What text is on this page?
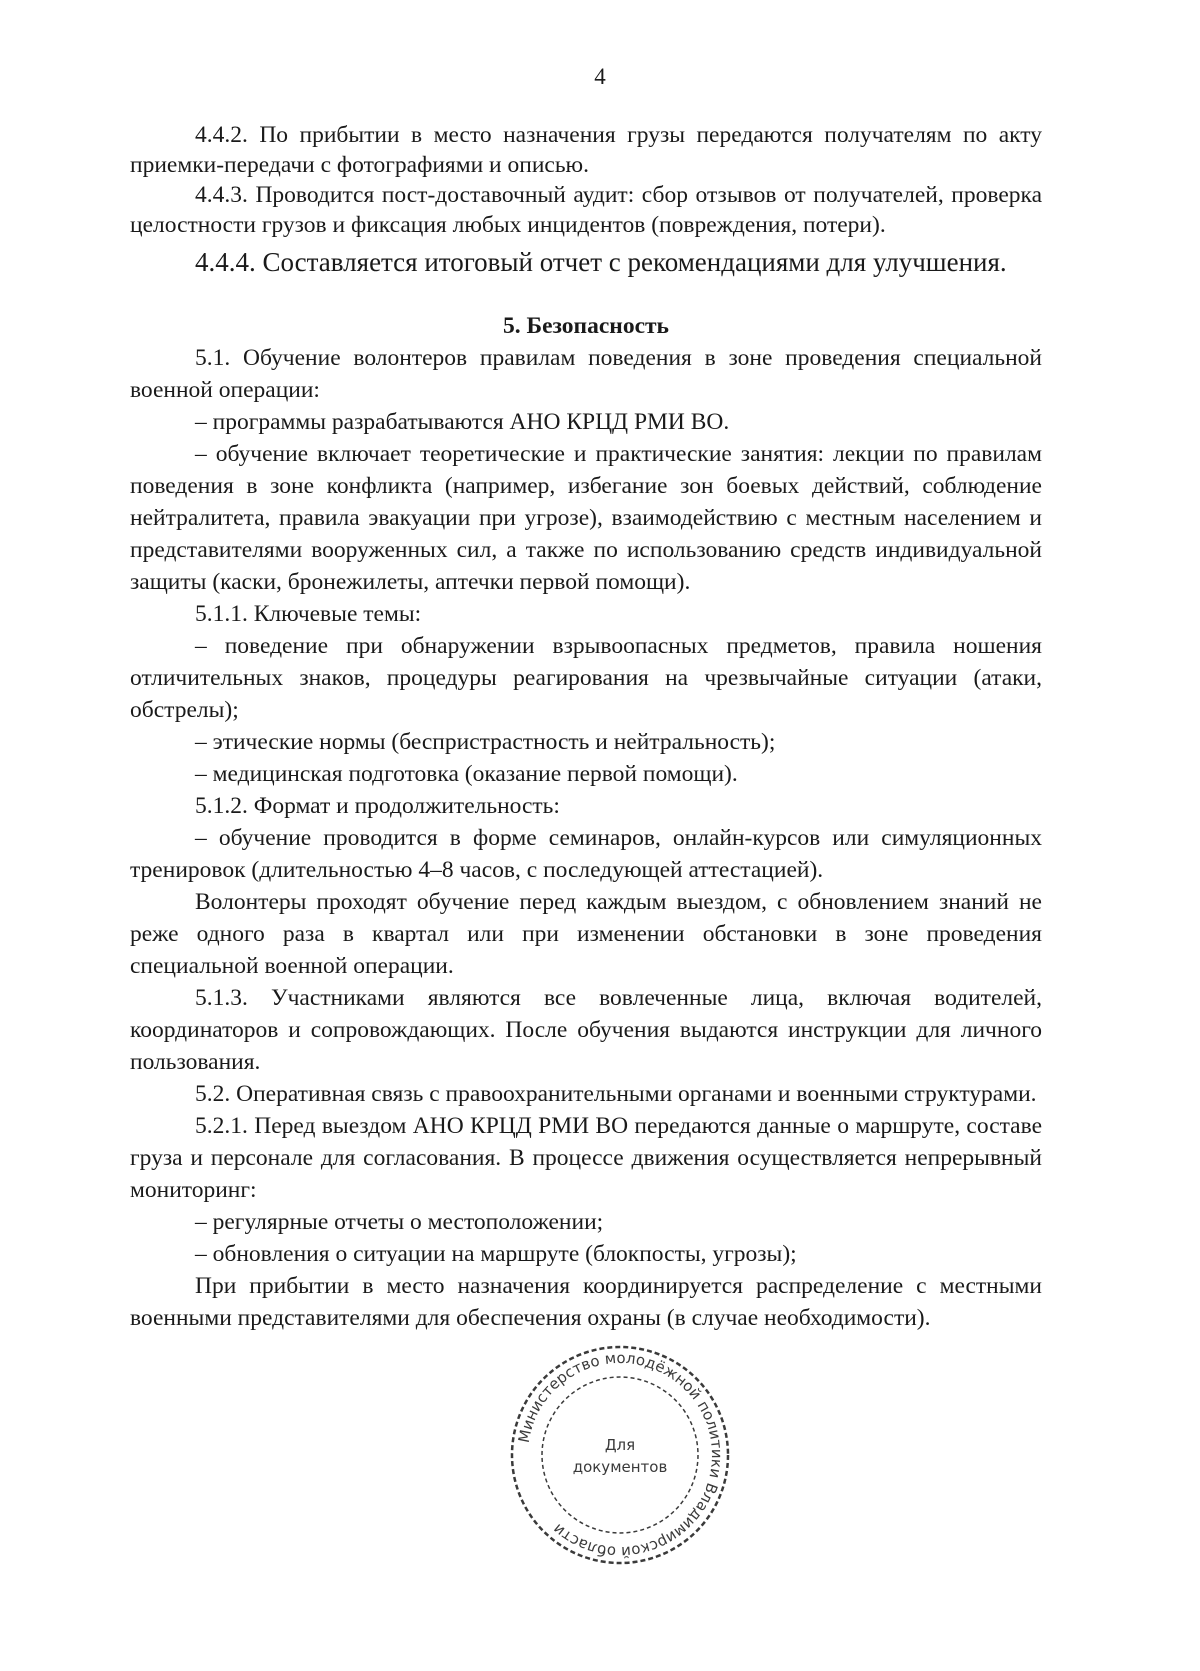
4

4.4.2. По прибытии в место назначения грузы передаются получателям по акту приемки-передачи с фотографиями и описью.

4.4.3. Проводится пост-доставочный аудит: сбор отзывов от получателей, проверка целостности грузов и фиксация любых инцидентов (повреждения, потери).

4.4.4. Составляется итоговый отчет с рекомендациями для улучшения.

5. Безопасность

5.1. Обучение волонтеров правилам поведения в зоне проведения специальной военной операции:

– программы разрабатываются АНО КРЦД РМИ ВО.

– обучение включает теоретические и практические занятия: лекции по правилам поведения в зоне конфликта (например, избегание зон боевых действий, соблюдение нейтралитета, правила эвакуации при угрозе), взаимодействию с местным населением и представителями вооруженных сил, а также по использованию средств индивидуальной защиты (каски, бронежилеты, аптечки первой помощи).

5.1.1. Ключевые темы:

– поведение при обнаружении взрывоопасных предметов, правила ношения отличительных знаков, процедуры реагирования на чрезвычайные ситуации (атаки, обстрелы);

– этические нормы (беспристрастность и нейтральность);

– медицинская подготовка (оказание первой помощи).

5.1.2. Формат и продолжительность:

– обучение проводится в форме семинаров, онлайн-курсов или симуляционных тренировок (длительностью 4–8 часов, с последующей аттестацией).

Волонтеры проходят обучение перед каждым выездом, с обновлением знаний не реже одного раза в квартал или при изменении обстановки в зоне проведения специальной военной операции.

5.1.3. Участниками являются все вовлеченные лица, включая водителей, координаторов и сопровождающих. После обучения выдаются инструкции для личного пользования.

5.2. Оперативная связь с правоохранительными органами и военными структурами.

5.2.1. Перед выездом АНО КРЦД РМИ ВО передаются данные о маршруте, составе груза и персонале для согласования. В процессе движения осуществляется непрерывный мониторинг:

– регулярные отчеты о местоположении;

– обновления о ситуации на маршруте (блокпосты, угрозы);

При прибытии в место назначения координируется распределение с местными военными представителями для обеспечения охраны (в случае необходимости).

Министерство молодёжной политики Владимирской области
Для
документов
